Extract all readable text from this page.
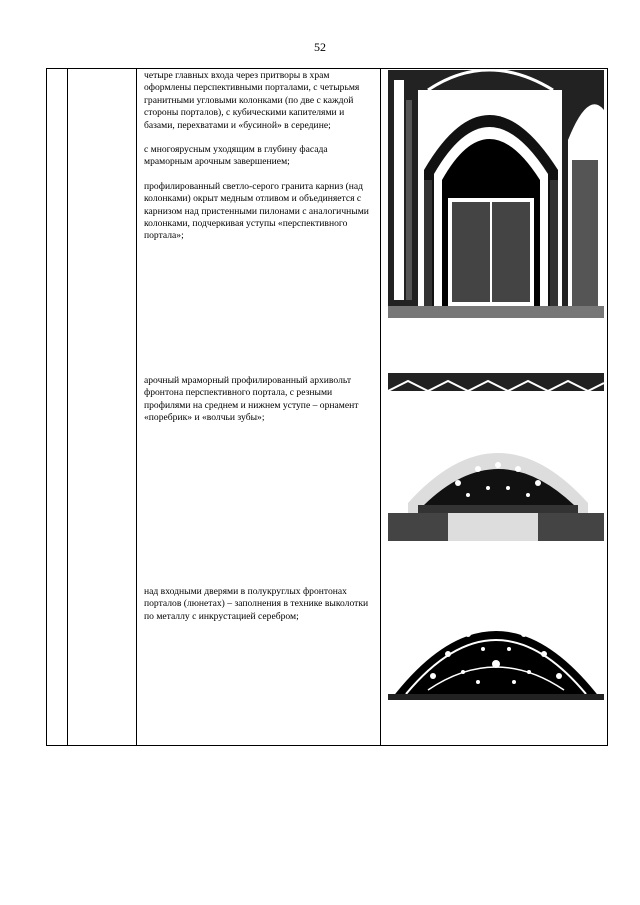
52

четыре главных входа через притворы в храм оформлены перспективными порталами, с четырьмя гранитными угловыми колонками (по две с каждой стороны порталов), с кубическими капителями и базами, перехватами и «бусиной» в середине;

с многоярусным уходящим в глубину фасада мраморным арочным завершением;

профилированный светло-серого гранита карниз (над колонками) окрыт медным отливом и объединяется с карнизом над пристенными пилонами с аналогичными колонками, подчеркивая уступы «перспективного портала»;

арочный мраморный профилированный архивольт фронтона перспективного портала, с резными профилями на среднем и нижнем уступе – орнамент «поребрик» и «волчьи зубы»;

над входными дверями в полукруглых фронтонах порталов (люнетах) – заполнения в технике выколотки по металлу с инкрустацией серебром;
